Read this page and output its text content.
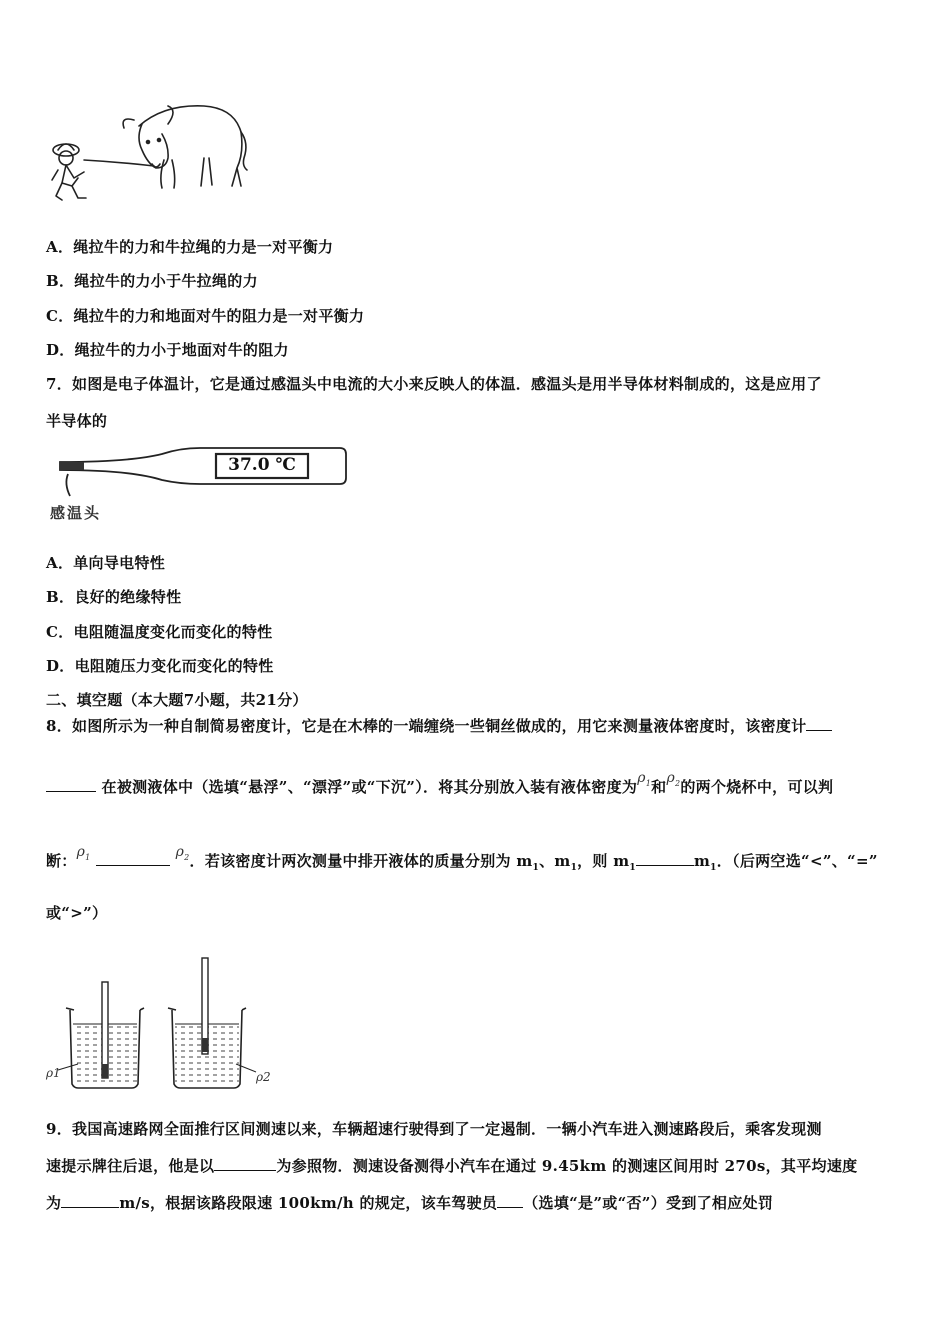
A．绳拉牛的力和牛拉绳的力是一对平衡力
B．绳拉牛的力小于牛拉绳的力
C．绳拉牛的力和地面对牛的阻力是一对平衡力
D．绳拉牛的力小于地面对牛的阻力
7．如图是电子体温计，它是通过感温头中电流的大小来反映人的体温．感温头是用半导体材料制成的，这是应用了
半导体的
37.0 ℃
感温头
A．单向导电特性
B．良好的绝缘特性
C．电阻随温度变化而变化的特性
D．电阻随压力变化而变化的特性
二、填空题（本大题7小题，共21分）
8．如图所示为一种自制简易密度计，它是在木棒的一端缠绕一些铜丝做成的，用它来测量液体密度时，该密度计
在被测液体中（选填“悬浮”、“漂浮”或“下沉”）．将其分别放入装有液体密度为$\rho_1$和$\rho_2$的两个烧杯中，可以判
断：$\rho_1$	$\rho_2$．若该密度计两次测量中排开液体的质量分别为 $m_1$、$m_1$，则 $m_1$	$m_1$．（后两空选“<”、“=”
或“>”）
ρ1	ρ2
9．我国高速路网全面推行区间测速以来，车辆超速行驶得到了一定遏制．一辆小汽车进入测速路段后，乘客发现测
速提示牌往后退，他是以	为参照物．测速设备测得小汽车在通过 9.45km 的测速区间用时 270s，其平均速度
为	m/s，根据该路段限速 100km/h 的规定，该车驾驶员 （选填“是”或“否”）受到了相应处罚
